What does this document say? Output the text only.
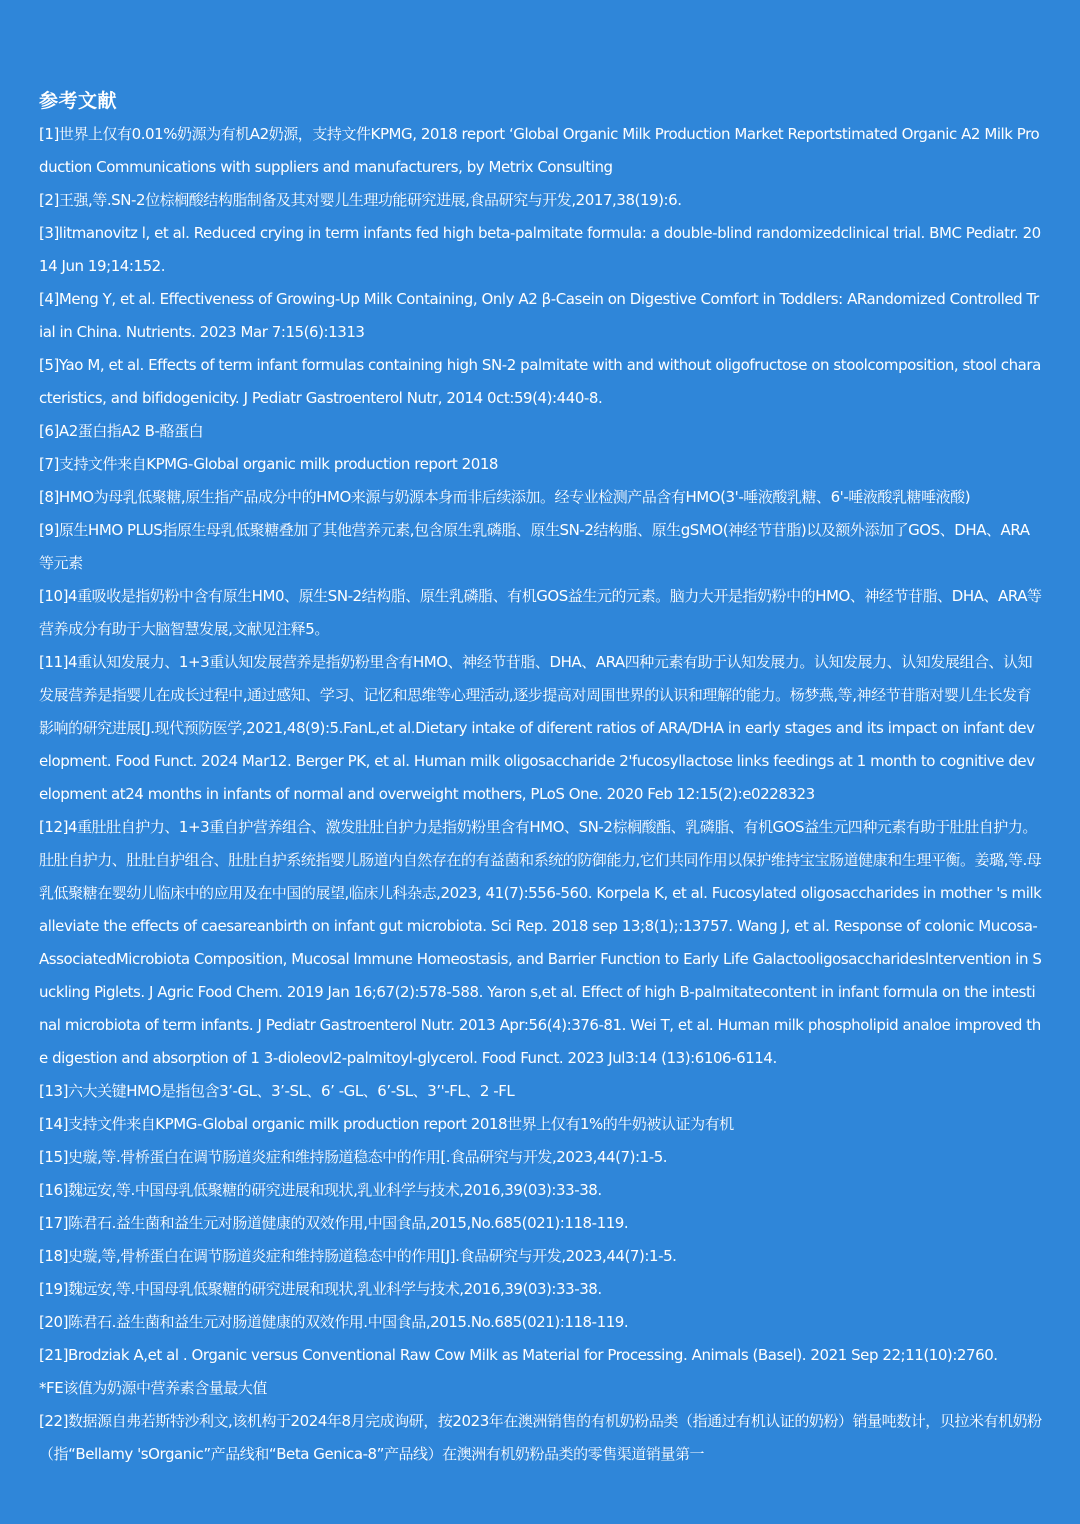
参考文献
[1]世界上仅有0.01%奶源为有机A2奶源，支持文件KPMG, 2018 report ‘Global Organic Milk Production Market Reportstimated Organic A2 Milk Production Communications with suppliers and manufacturers, by Metrix Consulting
[2]王强,等.SN-2位棕榈酸结构脂制备及其对婴儿生理功能研究进展,食品研究与开发,2017,38(19):6.
[3]litmanovitz l, et al. Reduced crying in term infants fed high beta-palmitate formula: a double-blind randomizedclinical trial. BMC Pediatr. 2014 Jun 19;14:152.
[4]Meng Y, et al. Effectiveness of Growing-Up Milk Containing, Only A2 β-Casein on Digestive Comfort in Toddlers: ARandomized Controlled Trial in China. Nutrients. 2023 Mar 7:15(6):1313
[5]Yao M, et al. Effects of term infant formulas containing high SN-2 palmitate with and without oligofructose on stoolcomposition, stool characteristics, and bifidogenicity. J Pediatr Gastroenterol Nutr, 2014 0ct:59(4):440-8.
[6]A2蛋白指A2 B-酪蛋白
[7]支持文件来自KPMG-Global organic milk production report 2018
[8]HMO为母乳低聚糖,原生指产品成分中的HMO来源与奶源本身而非后续添加。经专业检测产品含有HMO(3'-唾液酸乳糖、6'-唾液酸乳糖唾液酸)
[9]原生HMO PLUS指原生母乳低聚糖叠加了其他营养元素,包含原生乳磷脂、原生SN-2结构脂、原生gSMO(神经节苷脂)以及额外添加了GOS、DHA、ARA等元素
[10]4重吸收是指奶粉中含有原生HM0、原生SN-2结构脂、原生乳磷脂、有机GOS益生元的元素。脑力大开是指奶粉中的HMO、神经节苷脂、DHA、ARA等营养成分有助于大脑智慧发展,文献见注释5。
[11]4重认知发展力、1+3重认知发展营养是指奶粉里含有HMO、神经节苷脂、DHA、ARA四种元素有助于认知发展力。认知发展力、认知发展组合、认知发展营养是指婴儿在成长过程中,通过感知、学习、记忆和思维等心理活动,逐步提高对周围世界的认识和理解的能力。杨梦燕,等,神经节苷脂对婴儿生长发育影响的研究进展[J.现代预防医学,2021,48(9):5.FanL,et al.Dietary intake of diferent ratios of ARA/DHA in early stages and its impact on infant development. Food Funct. 2024 Mar12. Berger PK, et al. Human milk oligosaccharide 2'fucosyllactose links feedings at 1 month to cognitive development at24 months in infants of normal and overweight mothers, PLoS One. 2020 Feb 12:15(2):e0228323
[12]4重肚肚自护力、1+3重自护营养组合、激发肚肚自护力是指奶粉里含有HMO、SN-2棕榈酸酯、乳磷脂、有机GOS益生元四种元素有助于肚肚自护力。肚肚自护力、肚肚自护组合、肚肚自护系统指婴儿肠道内自然存在的有益菌和系统的防御能力,它们共同作用以保护维持宝宝肠道健康和生理平衡。姜璐,等.母乳低聚糖在婴幼儿临床中的应用及在中国的展望,临床儿科杂志,2023, 41(7):556-560. Korpela K, et al. Fucosylated oligosaccharides in mother 's milk alleviate the effects of caesareanbirth on infant gut microbiota. Sci Rep. 2018 sep 13;8(1);:13757. Wang J, et al. Response of colonic Mucosa-AssociatedMicrobiota Composition, Mucosal lmmune Homeostasis, and Barrier Function to Early Life Galactooligosaccharideslntervention in Suckling Piglets. J Agric Food Chem. 2019 Jan 16;67(2):578-588. Yaron s,et al. Effect of high B-palmitatecontent in infant formula on the intestinal microbiota of term infants. J Pediatr Gastroenterol Nutr. 2013 Apr:56(4):376-81. Wei T, et al. Human milk phospholipid analoe improved the digestion and absorption of 1 3-dioleovl2-palmitoyl-glycerol. Food Funct. 2023 Jul3:14 (13):6106-6114.
[13]六大关键HMO是指包含3’-GL、3’-SL、6’ -GL、6’-SL、3’'-FL、2 -FL
[14]支持文件来自KPMG-Global organic milk production report 2018世界上仅有1%的牛奶被认证为有机
[15]史璇,等.骨桥蛋白在调节肠道炎症和维持肠道稳态中的作用[.食品研究与开发,2023,44(7):1-5.
[16]魏远安,等.中国母乳低聚糖的研究进展和现状,乳业科学与技术,2016,39(03):33-38.
[17]陈君石.益生菌和益生元对肠道健康的双效作用,中国食品,2015,No.685(021):118-119.
[18]史璇,等,骨桥蛋白在调节肠道炎症和维持肠道稳态中的作用[J].食品研究与开发,2023,44(7):1-5.
[19]魏远安,等.中国母乳低聚糖的研究进展和现状,乳业科学与技术,2016,39(03):33-38.
[20]陈君石.益生菌和益生元对肠道健康的双效作用.中国食品,2015.No.685(021):118-119.
[21]Brodziak A,et al . Organic versus Conventional Raw Cow Milk as Material for Processing. Animals (Basel). 2021 Sep 22;11(10):2760.
*FE该值为奶源中营养素含量最大值
[22]数据源自弗若斯特沙利文,该机构于2024年8月完成询研，按2023年在澳洲销售的有机奶粉品类（指通过有机认证的奶粉）销量吨数计，贝拉米有机奶粉（指“Bellamy 'sOrganic”产品线和“Beta Genica-8”产品线）在澳洲有机奶粉品类的零售渠道销量第一
